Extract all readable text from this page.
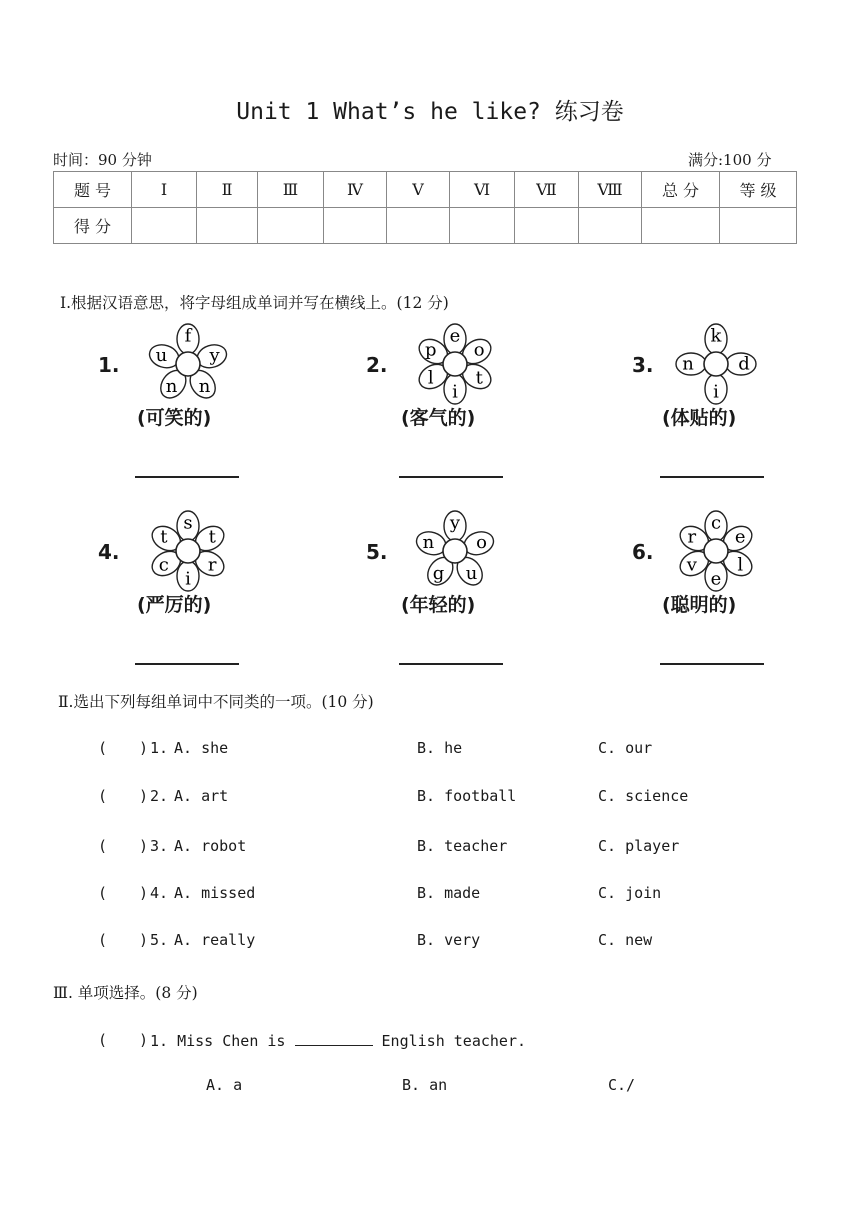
Unit 1 What’s he like? 练习卷
时间：90 分钟	满分:100 分
题 号	Ⅰ	Ⅱ	Ⅲ	Ⅳ	Ⅴ	Ⅵ	Ⅶ	Ⅷ	总 分	等 级
得 分										
Ⅰ.根据汉语意思，将字母组成单词并写在横线上。(12 分)
1.
f
y
n
n
u
(可笑的)
2.
e
o
t
i
l
p
(客气的)
3.
k
d
i
n
(体贴的)
4.
s
t
r
i
c
t
(严厉的)
5.
y
o
u
g
n
(年轻的)
6.
c
e
l
e
v
r
(聪明的)
Ⅱ.选出下列每组单词中不同类的一项。(10 分)
( ) 1. A. she	B. he	C. our
( ) 2. A. art	B. football	C. science
( ) 3. A. robot	B. teacher	C. player
( ) 4. A. missed	B. made	C. join
( ) 5. A. really	B. very	C. new
Ⅲ. 单项选择。(8 分)
( ) 1. Miss Chen is	English teacher.
A. a	B. an	C./
